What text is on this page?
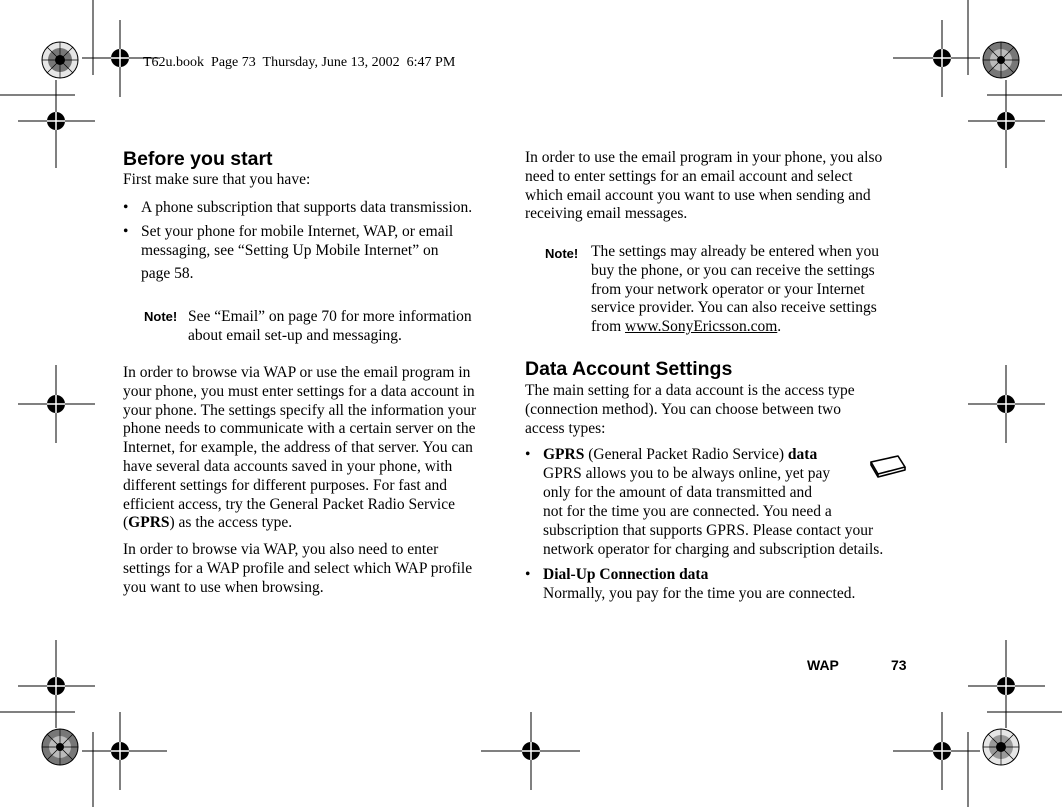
T62u.book  Page 73  Thursday, June 13, 2002  6:47 PM
Before you start

First make sure that you have:

• A phone subscription that supports data transmission.
• Set your phone for mobile Internet, WAP, or email
messaging, see “Setting Up Mobile Internet” on
page 58.
Note! See “Email” on page 70 for more information

about email set-up and messaging.

In order to browse via WAP or use the email program in
your phone, you must enter settings for a data account in
your phone. The settings specify all the information your
phone needs to communicate with a certain server on the
Internet, for example, the address of that server. You can
have several data accounts saved in your phone, with
different settings for different purposes. For fast and
efficient access, try the General Packet Radio Service
(GPRS) as the access type.
In order to browse via WAP, you also need to enter
settings for a WAP profile and select which WAP profile
you want to use when browsing.
In order to use the email program in your phone, you also
need to enter settings for an email account and select
which email account you want to use when sending and
receiving email messages.
Note! The settings may already be entered when you
buy the phone, or you can receive the settings
from your network operator or your Internet
service provider. You can also receive settings
from www.SonyEricsson.com.
Data Account Settings
The main setting for a data account is the access type
(connection method). You can choose between two
access types:
• GPRS (General Packet Radio Service) data
GPRS allows you to be always online, yet pay
only for the amount of data transmitted and
not for the time you are connected. You need a
subscription that supports GPRS. Please contact your
network operator for charging and subscription details.
• Dial-Up Connection data
Normally, you pay for the time you are connected.
WAP	73
